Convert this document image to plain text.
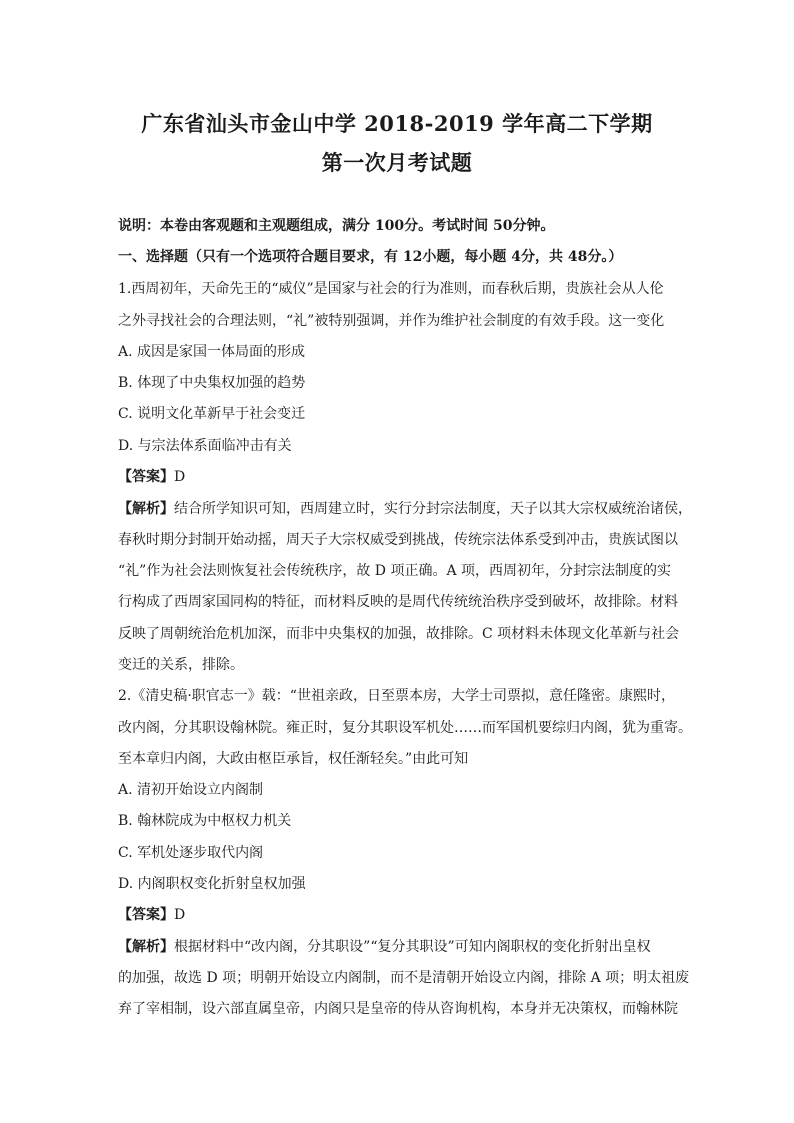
广东省汕头市金山中学 2018-2019 学年高二下学期
第一次月考试题
说明：本卷由客观题和主观题组成，满分 100分。考试时间 50分钟。
一、选择题（只有一个选项符合题目要求，有 12小题，每小题 4分，共 48分。）
1.西周初年，天命先王的“威仪”是国家与社会的行为准则，而春秋后期，贵族社会从人伦
之外寻找社会的合理法则，“礼”被特别强调，并作为维护社会制度的有效手段。这一变化
A. 成因是家国一体局面的形成
B. 体现了中央集权加强的趋势
C. 说明文化革新早于社会变迁
D. 与宗法体系面临冲击有关
【答案】D
【解析】结合所学知识可知，西周建立时，实行分封宗法制度，天子以其大宗权威统治诸侯，
春秋时期分封制开始动摇，周天子大宗权威受到挑战，传统宗法体系受到冲击，贵族试图以
“礼”作为社会法则恢复社会传统秩序，故 D 项正确。A 项，西周初年，分封宗法制度的实
行构成了西周家国同构的特征，而材料反映的是周代传统统治秩序受到破坏，故排除。材料
反映了周朝统治危机加深，而非中央集权的加强，故排除。C 项材料未体现文化革新与社会
变迁的关系，排除。
2.《清史稿·职官志一》载：“世祖亲政，日至票本房，大学士司票拟，意任隆密。康熙时，
改内阁，分其职设翰林院。雍正时，复分其职设军机处……而军国机要综归内阁，犹为重寄。
至本章归内阁，大政由枢臣承旨，权任渐轻矣。”由此可知
A. 清初开始设立内阁制
B. 翰林院成为中枢权力机关
C. 军机处逐步取代内阁
D. 内阁职权变化折射皇权加强
【答案】D
【解析】根据材料中“改内阁，分其职设”“复分其职设”可知内阁职权的变化折射出皇权
的加强，故选 D 项；明朝开始设立内阁制，而不是清朝开始设立内阁，排除 A 项；明太祖废
弃了宰相制，设六部直属皇帝，内阁只是皇帝的侍从咨询机构，本身并无决策权，而翰林院
